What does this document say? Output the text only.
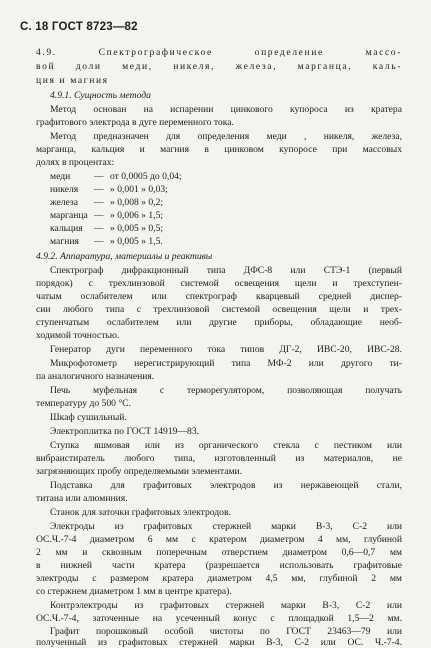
С. 18 ГОСТ 8723—82
4.9. Спектрографическое определение массо-
вой доли меди, никеля, железа, марганца, каль-
ция и магния
4.9.1. Сущность метода
Метод основан на испарении цинкового купороса из кратера
графитового электрода в дуге переменного тока.
Метод предназначен для определения меди , никеля, железа,
марганца, кальция и магния в цинковом купоросе при массовых
долях в процентах:
меди — от 0,0005 до 0,04;
никеля — » 0,001 » 0,03;
железа — » 0,008 » 0,2;
марганца — » 0,006 » 1,5;
кальция — » 0,005 » 0,5;
магния — » 0,005 » 1,5.
4.9.2. Аппаратура, материалы и реактивы
Спектрограф дифракционный типа ДФС-8 или СТЭ-1 (первый
порядок) с трехлинзовой системой освещения щели и трехступен-
чатым ослабителем или спектрограф кварцевый средней диспер-
сии любого типа с трехлинзовой системой освещения щели и трех-
ступенчатым ослабителем или другие приборы, обладающие необ-
ходимой точностью.
Генератор дуги переменного тока типов ДГ-2, ИВС-20, ИВС-28.
Микрофотометр нерегистрирующий типа МФ-2 или другого ти-
па аналогичного назначения.
Печь муфельная с терморегулятором, позволяющая получать
температуру до 500 °С.
Шкаф сушильный.
Электроплитка по ГОСТ 14919—83.
Ступка яшмовая или из органического стекла с пестиком или
вибраистиратель любого типа, изготовленный из материалов, не
загрязняющих пробу определяемыми элементами.
Подставка для графитовых электродов из нержавеющей стали,
титана или алюминия.
Станок для заточки графитовых электродов.
Электроды из графитовых стержней марки В-3, С-2 или
ОС.Ч.-7-4 диаметром 6 мм с кратером диаметром 4 мм, глубиной
2 мм и сквозным поперечным отверстием диаметром 0,6—0,7 мм
в нижней части кратера (разрешается использовать графитовые
электроды с размером кратера диаметром 4,5 мм, глубиной 2 мм
со стержнем диаметром 1 мм в центре кратера).
Контрэлектроды из графитовых стержней марки В-3, С-2 или
ОС.Ч.-7-4, заточенные на усеченный конус с площадкой 1,5—2 мм.
Графит порошковый особой чистоты по ГОСТ 23463—79 или
полученный из графитовых стержней марки В-3, С-2 или ОС. Ч.-7-4.
